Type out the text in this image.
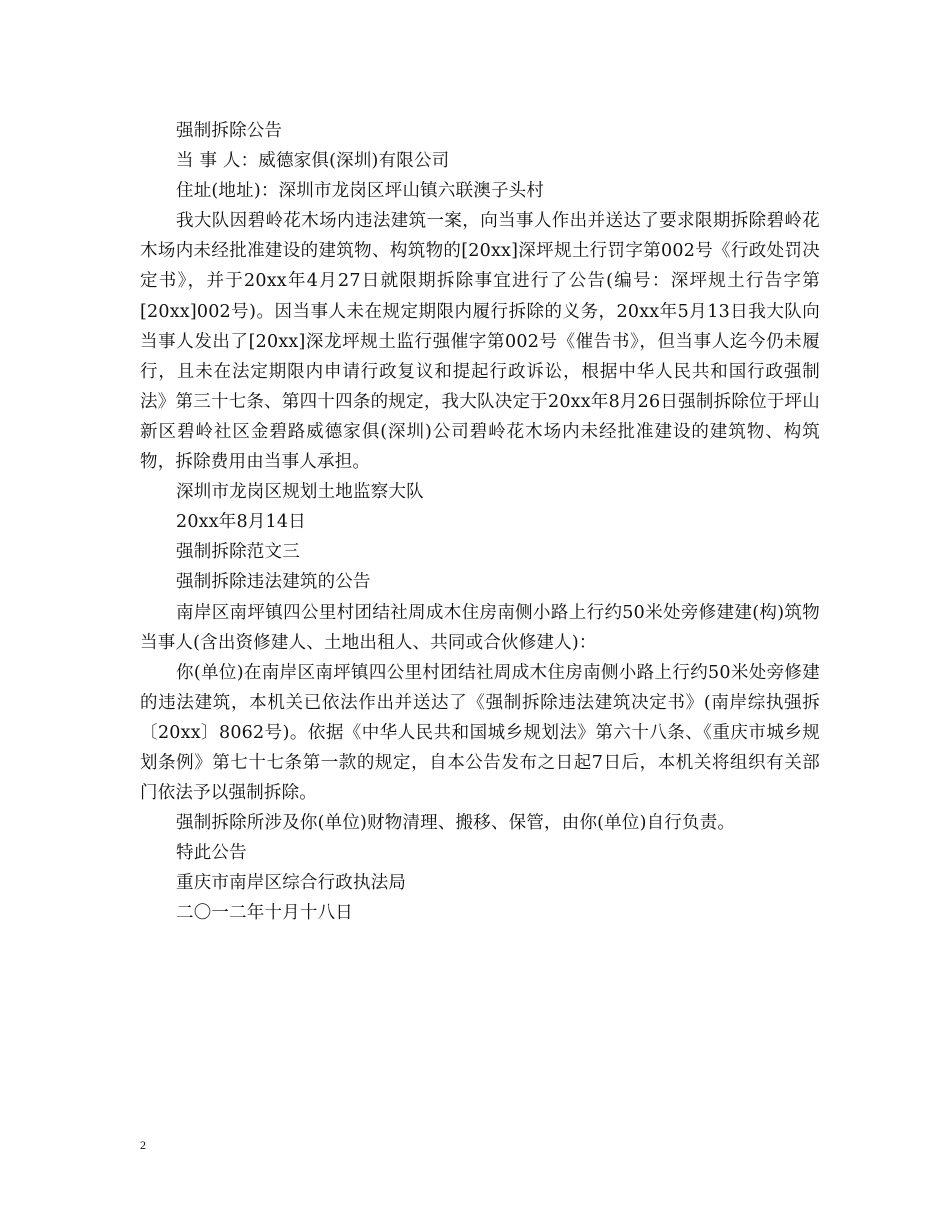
强制拆除公告

当 事 人：威德家俱(深圳)有限公司

住址(地址)：深圳市龙岗区坪山镇六联澳子头村

我大队因碧岭花木场内违法建筑一案，向当事人作出并送达了要求限期拆除碧岭花木场内未经批准建设的建筑物、构筑物的[20xx]深坪规土行罚字第002号《行政处罚决定书》，并于20xx年4月27日就限期拆除事宜进行了公告(编号：深坪规土行告字第[20xx]002号)。因当事人未在规定期限内履行拆除的义务，20xx年5月13日我大队向当事人发出了[20xx]深龙坪规土监行强催字第002号《催告书》，但当事人迄今仍未履行，且未在法定期限内申请行政复议和提起行政诉讼，根据中华人民共和国行政强制法》第三十七条、第四十四条的规定，我大队决定于20xx年8月26日强制拆除位于坪山新区碧岭社区金碧路威德家俱(深圳)公司碧岭花木场内未经批准建设的建筑物、构筑物，拆除费用由当事人承担。

深圳市龙岗区规划土地监察大队

20xx年8月14日

强制拆除范文三

强制拆除违法建筑的公告

南岸区南坪镇四公里村团结社周成木住房南侧小路上行约50米处旁修建建(构)筑物当事人(含出资修建人、土地出租人、共同或合伙修建人)：

你(单位)在南岸区南坪镇四公里村团结社周成木住房南侧小路上行约50米处旁修建的违法建筑，本机关已依法作出并送达了《强制拆除违法建筑决定书》(南岸综执强拆〔20xx〕8062号)。依据《中华人民共和国城乡规划法》第六十八条、《重庆市城乡规划条例》第七十七条第一款的规定，自本公告发布之日起7日后，本机关将组织有关部门依法予以强制拆除。

强制拆除所涉及你(单位)财物清理、搬移、保管，由你(单位)自行负责。

特此公告

重庆市南岸区综合行政执法局

二〇一二年十月十八日

2
